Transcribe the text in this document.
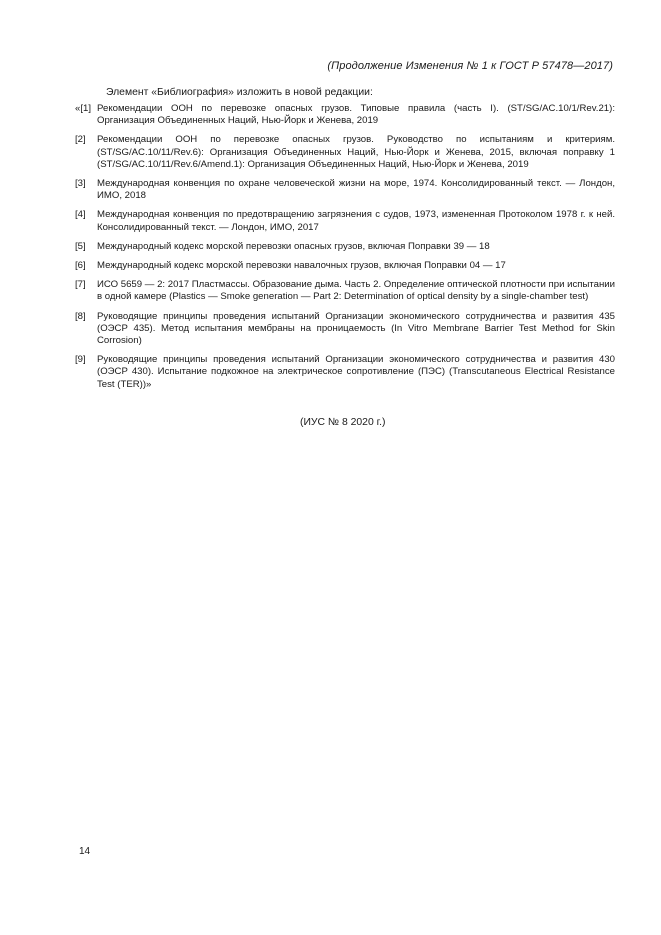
(Продолжение Изменения № 1 к ГОСТ Р 57478—2017)
Элемент «Библиография» изложить в новой редакции:
«[1] Рекомендации ООН по перевозке опасных грузов. Типовые правила (часть I). (ST/SG/AC.10/1/Rev.21): Организация Объединенных Наций, Нью-Йорк и Женева, 2019
[2]	Рекомендации ООН по перевозке опасных грузов. Руководство по испытаниям и критериям. (ST/SG/AC.10/11/Rev.6): Организация Объединенных Наций, Нью-Йорк и Женева, 2015, включая поправку 1 (ST/SG/AC.10/11/Rev.6/Amend.1): Организация Объединенных Наций, Нью-Йорк и Женева, 2019
[3]	Международная конвенция по охране человеческой жизни на море, 1974. Консолидированный текст. — Лондон, ИМО, 2018
[4]	Международная конвенция по предотвращению загрязнения с судов, 1973, измененная Протоколом 1978 г. к ней. Консолидированный текст. — Лондон, ИМО, 2017
[5]	Международный кодекс морской перевозки опасных грузов, включая Поправки 39 — 18
[6]	Международный кодекс морской перевозки навалочных грузов, включая Поправки 04 — 17
[7]	ИСО 5659 — 2: 2017 Пластмассы. Образование дыма. Часть 2. Определение оптической плотности при испытании в одной камере (Plastics — Smoke generation — Part 2: Determination of optical density by a single-chamber test)
[8]	Руководящие принципы проведения испытаний Организации экономического сотрудничества и развития 435 (ОЭСР 435). Метод испытания мембраны на проницаемость (In Vitro Membrane Barrier Test Method for Skin Corrosion)
[9]	Руководящие принципы проведения испытаний Организации экономического сотрудничества и развития 430 (ОЭСР 430). Испытание подкожное на электрическое сопротивление (ПЭС) (Transcutaneous Electrical Resistance Test (TER))»
(ИУС № 8 2020 г.)
14
